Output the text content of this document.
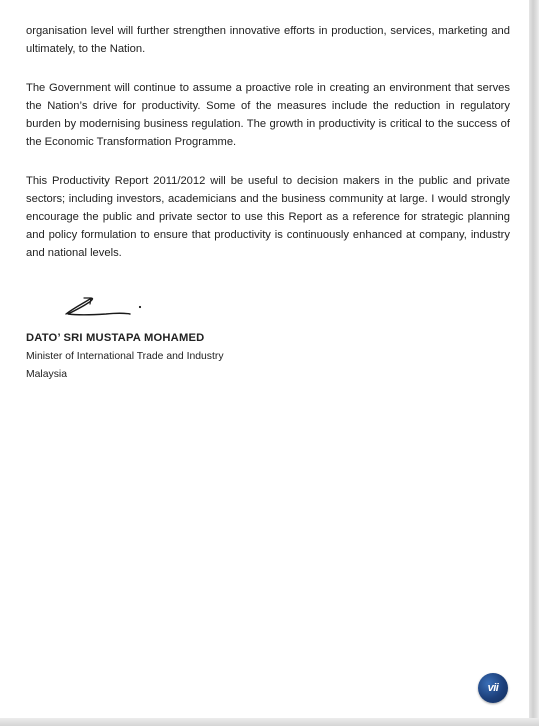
organisation level will further strengthen innovative efforts in production, services, marketing and ultimately, to the Nation.

The Government will continue to assume a proactive role in creating an environment that serves the Nation’s drive for productivity. Some of the measures include the reduction in regulatory burden by modernising business regulation. The growth in productivity is critical to the success of the Economic Transformation Programme.

This Productivity Report 2011/2012 will be useful to decision makers in the public and private sectors; including investors, academicians and the business community at large. I would strongly encourage the public and private sector to use this Report as a reference for strategic planning and policy formulation to ensure that productivity is continuously enhanced at company, industry and national levels.

DATO’ SRI MUSTAPA MOHAMED
Minister of International Trade and Industry
Malaysia
vii
